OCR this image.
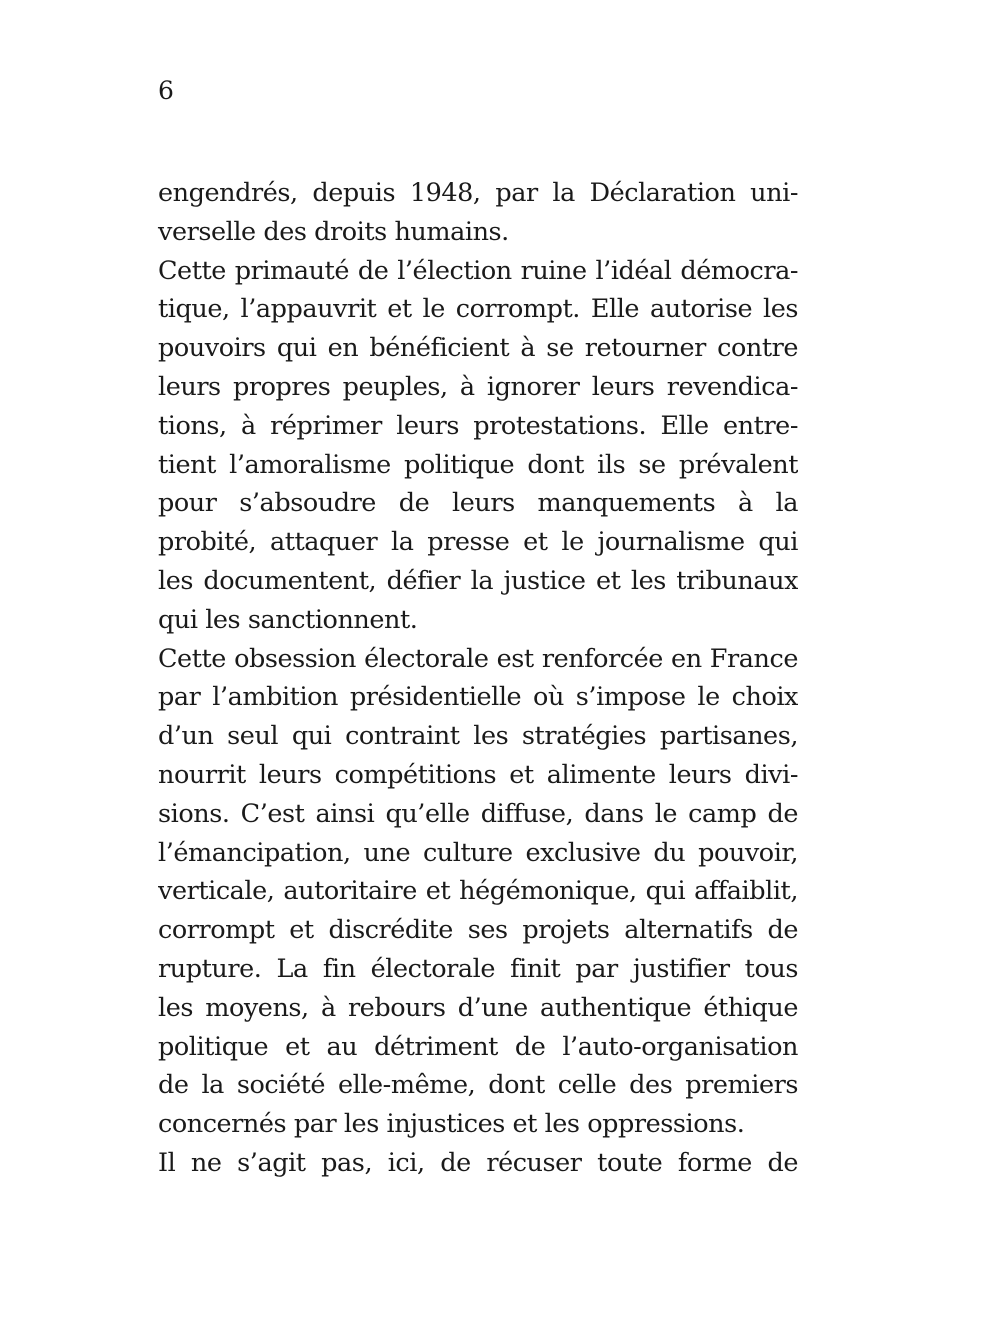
6

engendrés, depuis 1948, par la Déclaration uni-
verselle des droits humains.
Cette primauté de l’élection ruine l’idéal démocra-
tique, l’appauvrit et le corrompt. Elle autorise les
pouvoirs qui en bénéficient à se retourner contre
leurs propres peuples, à ignorer leurs revendica-
tions, à réprimer leurs protestations. Elle entre-
tient l’amoralisme politique dont ils se prévalent
pour s’absoudre de leurs manquements à la
probité, attaquer la presse et le journalisme qui
les documentent, défier la justice et les tribunaux
qui les sanctionnent.
Cette obsession électorale est renforcée en France
par l’ambition présidentielle où s’impose le choix
d’un seul qui contraint les stratégies partisanes,
nourrit leurs compétitions et alimente leurs divi-
sions. C’est ainsi qu’elle diffuse, dans le camp de
l’émancipation, une culture exclusive du pouvoir,
verticale, autoritaire et hégémonique, qui affaiblit,
corrompt et discrédite ses projets alternatifs de
rupture. La fin électorale finit par justifier tous
les moyens, à rebours d’une authentique éthique
politique et au détriment de l’auto-organisation
de la société elle-même, dont celle des premiers
concernés par les injustices et les oppressions.
Il ne s’agit pas, ici, de récuser toute forme de
